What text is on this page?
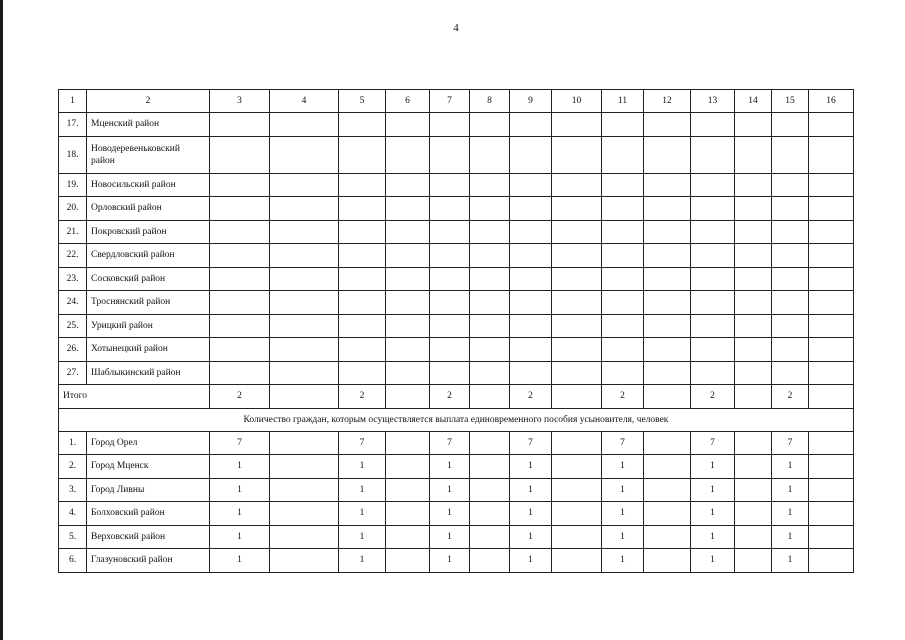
4
1	2	3	4	5	6	7	8	9	10	11	12	13	14	15	16
17.	Мценский район														
18.	Новодеревеньковский район														
19.	Новосильский район														
20.	Орловский район														
21.	Покровский район														
22.	Свердловский район														
23.	Сосковский район														
24.	Троснянский район														
25.	Урицкий район														
26.	Хотынецкий район														
27.	Шаблыкинский район														
Итого		2		2		2		2		2		2		2	
Количество граждан, которым осуществляется выплата единовременного пособия усыновителя, человек															
1.	Город Орел	7		7		7		7		7		7		7	
2.	Город Мценск	1		1		1		1		1		1		1	
3.	Город Ливны	1		1		1		1		1		1		1	
4.	Болховский район	1		1		1		1		1		1		1	
5.	Верховский район	1		1		1		1		1		1		1	
6.	Глазуновский район	1		1		1		1		1		1		1	
